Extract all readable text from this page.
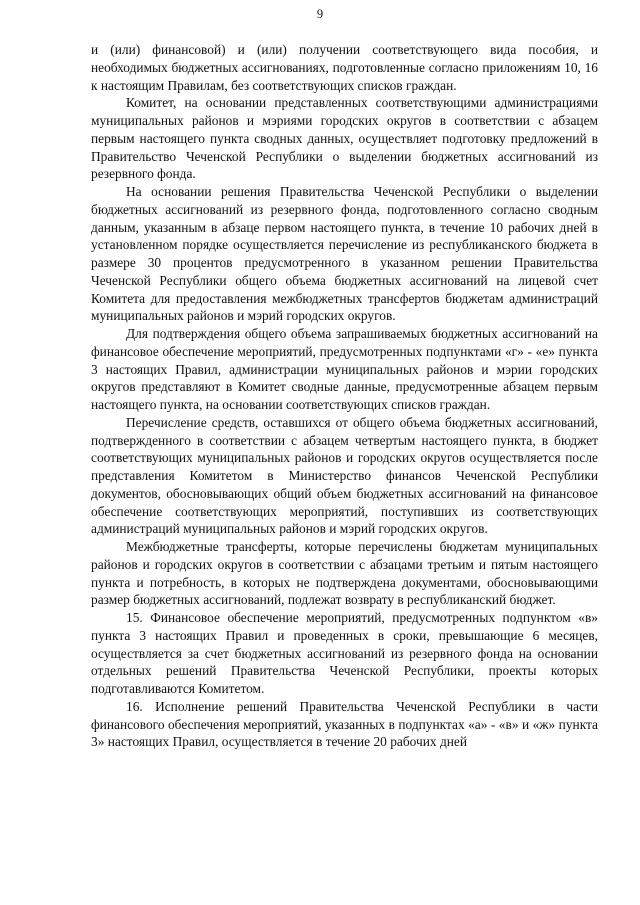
9

и (или) финансовой) и (или) получении соответствующего вида пособия, и необходимых бюджетных ассигнованиях, подготовленные согласно приложениям 10, 16 к настоящим Правилам, без соответствующих списков граждан.

Комитет, на основании представленных соответствующими администрациями муниципальных районов и мэриями городских округов в соответствии с абзацем первым настоящего пункта сводных данных, осуществляет подготовку предложений в Правительство Чеченской Республики о выделении бюджетных ассигнований из резервного фонда.

На основании решения Правительства Чеченской Республики о выделении бюджетных ассигнований из резервного фонда, подготовленного согласно сводным данным, указанным в абзаце первом настоящего пункта, в течение 10 рабочих дней в установленном порядке осуществляется перечисление из республиканского бюджета в размере 30 процентов предусмотренного в указанном решении Правительства Чеченской Республики общего объема бюджетных ассигнований на лицевой счет Комитета для предоставления межбюджетных трансфертов бюджетам администраций муниципальных районов и мэрий городских округов.

Для подтверждения общего объема запрашиваемых бюджетных ассигнований на финансовое обеспечение мероприятий, предусмотренных подпунктами «г» - «е» пункта 3 настоящих Правил, администрации муниципальных районов и мэрии городских округов представляют в Комитет сводные данные, предусмотренные абзацем первым настоящего пункта, на основании соответствующих списков граждан.

Перечисление средств, оставшихся от общего объема бюджетных ассигнований, подтвержденного в соответствии с абзацем четвертым настоящего пункта, в бюджет соответствующих муниципальных районов и городских округов осуществляется после представления Комитетом в Министерство финансов Чеченской Республики документов, обосновывающих общий объем бюджетных ассигнований на финансовое обеспечение соответствующих мероприятий, поступивших из соответствующих администраций муниципальных районов и мэрий городских округов.

Межбюджетные трансферты, которые перечислены бюджетам муниципальных районов и городских округов в соответствии с абзацами третьим и пятым настоящего пункта и потребность, в которых не подтверждена документами, обосновывающими размер бюджетных ассигнований, подлежат возврату в республиканский бюджет.

15. Финансовое обеспечение мероприятий, предусмотренных подпунктом «в» пункта 3 настоящих Правил и проведенных в сроки, превышающие 6 месяцев, осуществляется за счет бюджетных ассигнований из резервного фонда на основании отдельных решений Правительства Чеченской Республики, проекты которых подготавливаются Комитетом.

16. Исполнение решений Правительства Чеченской Республики в части финансового обеспечения мероприятий, указанных в подпунктах «а» - «в» и «ж» пункта 3» настоящих Правил, осуществляется в течение 20 рабочих дней
